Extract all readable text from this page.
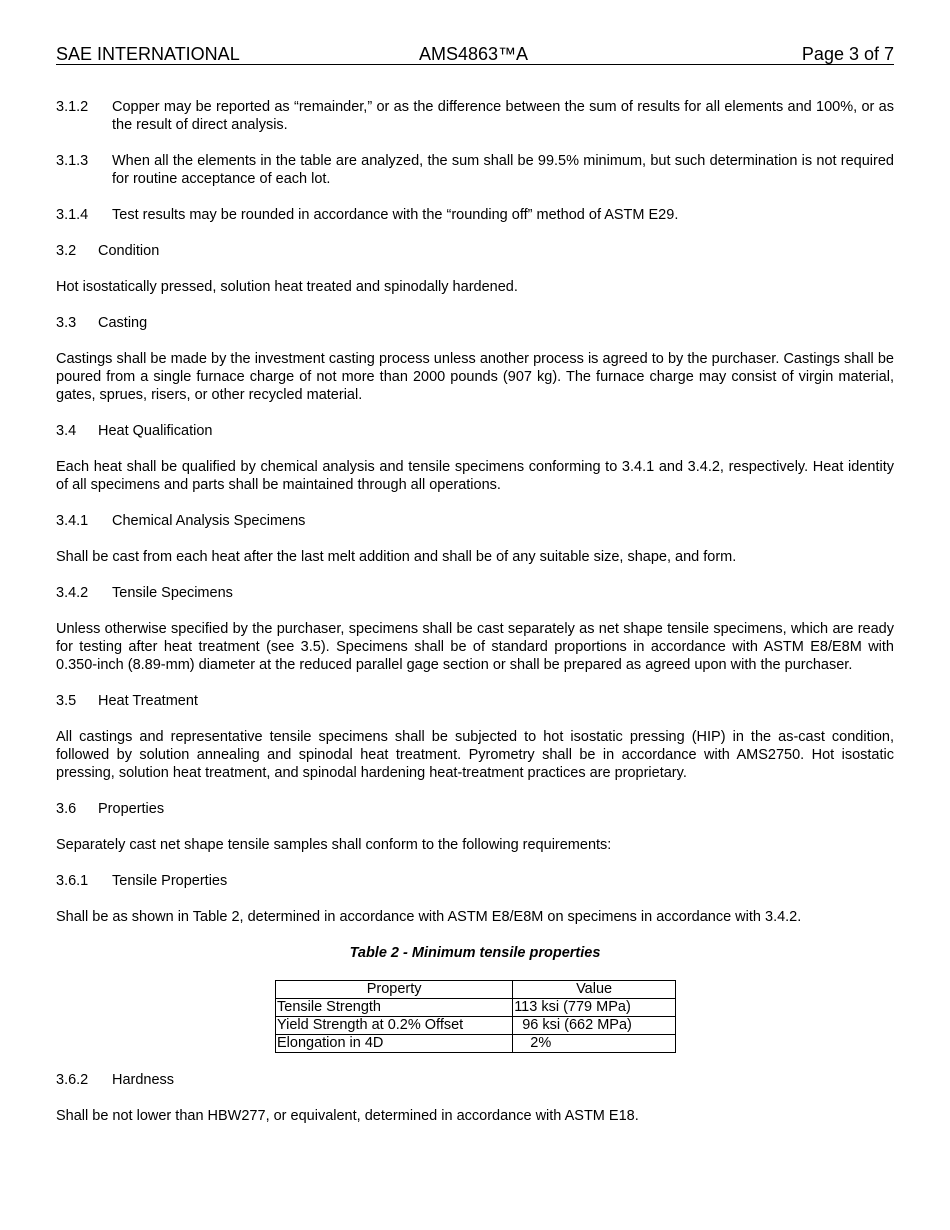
SAE INTERNATIONAL	AMS4863™A	Page 3 of 7
3.1.2 Copper may be reported as “remainder,” or as the difference between the sum of results for all elements and 100%, or as the result of direct analysis.
3.1.3 When all the elements in the table are analyzed, the sum shall be 99.5% minimum, but such determination is not required for routine acceptance of each lot.
3.1.4 Test results may be rounded in accordance with the “rounding off” method of ASTM E29.
3.2 Condition

Hot isostatically pressed, solution heat treated and spinodally hardened.

3.3 Casting

Castings shall be made by the investment casting process unless another process is agreed to by the purchaser. Castings shall be poured from a single furnace charge of not more than 2000 pounds (907 kg). The furnace charge may consist of virgin material, gates, sprues, risers, or other recycled material.

3.4 Heat Qualification

Each heat shall be qualified by chemical analysis and tensile specimens conforming to 3.4.1 and 3.4.2, respectively. Heat identity of all specimens and parts shall be maintained through all operations.

3.4.1 Chemical Analysis Specimens

Shall be cast from each heat after the last melt addition and shall be of any suitable size, shape, and form.

3.4.2 Tensile Specimens

Unless otherwise specified by the purchaser, specimens shall be cast separately as net shape tensile specimens, which are ready for testing after heat treatment (see 3.5). Specimens shall be of standard proportions in accordance with ASTM E8/E8M with 0.350-inch (8.89-mm) diameter at the reduced parallel gage section or shall be prepared as agreed upon with the purchaser.

3.5 Heat Treatment

All castings and representative tensile specimens shall be subjected to hot isostatic pressing (HIP) in the as-cast condition, followed by solution annealing and spinodal heat treatment. Pyrometry shall be in accordance with AMS2750. Hot isostatic pressing, solution heat treatment, and spinodal hardening heat-treatment practices are proprietary.

3.6 Properties

Separately cast net shape tensile samples shall conform to the following requirements:

3.6.1 Tensile Properties

Shall be as shown in Table 2, determined in accordance with ASTM E8/E8M on specimens in accordance with 3.4.2.

Table 2 - Minimum tensile properties
Property	Value
Tensile Strength	113 ksi (779 MPa)
Yield Strength at 0.2% Offset	96 ksi (662 MPa)
Elongation in 4D	2%
3.6.2 Hardness

Shall be not lower than HBW277, or equivalent, determined in accordance with ASTM E18.
